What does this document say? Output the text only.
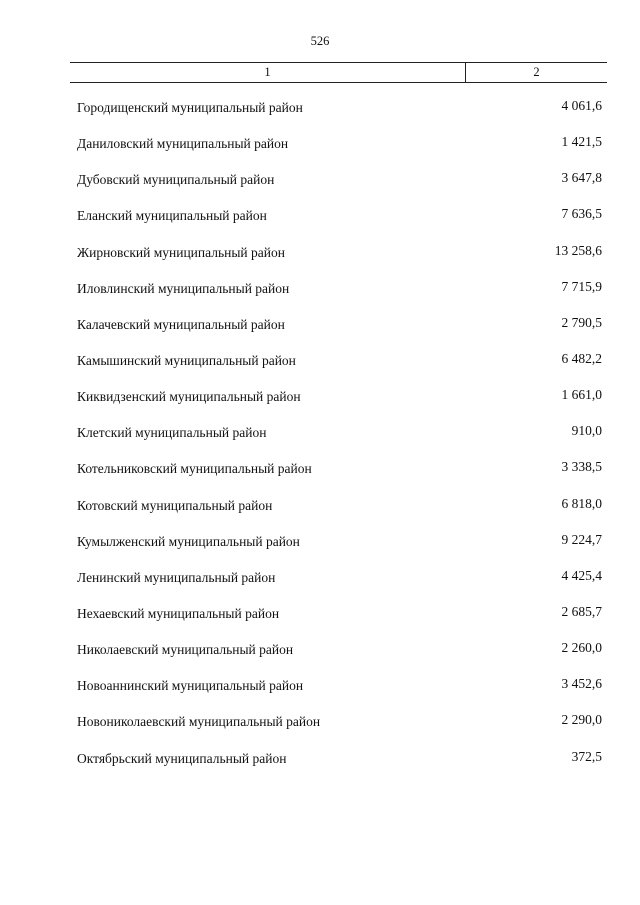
526
1	2
Городищенский муниципальный район	4 061,6
Даниловский муниципальный район	1 421,5
Дубовский муниципальный район	3 647,8
Еланский муниципальный район	7 636,5
Жирновский муниципальный район	13 258,6
Иловлинский муниципальный район	7 715,9
Калачевский муниципальный район	2 790,5
Камышинский муниципальный район	6 482,2
Киквидзенский муниципальный район	1 661,0
Клетский муниципальный район	910,0
Котельниковский муниципальный район	3 338,5
Котовский муниципальный район	6 818,0
Кумылженский муниципальный район	9 224,7
Ленинский муниципальный район	4 425,4
Нехаевский муниципальный район	2 685,7
Николаевский муниципальный район	2 260,0
Новоаннинский муниципальный район	3 452,6
Новониколаевский муниципальный район	2 290,0
Октябрьский муниципальный район	372,5
